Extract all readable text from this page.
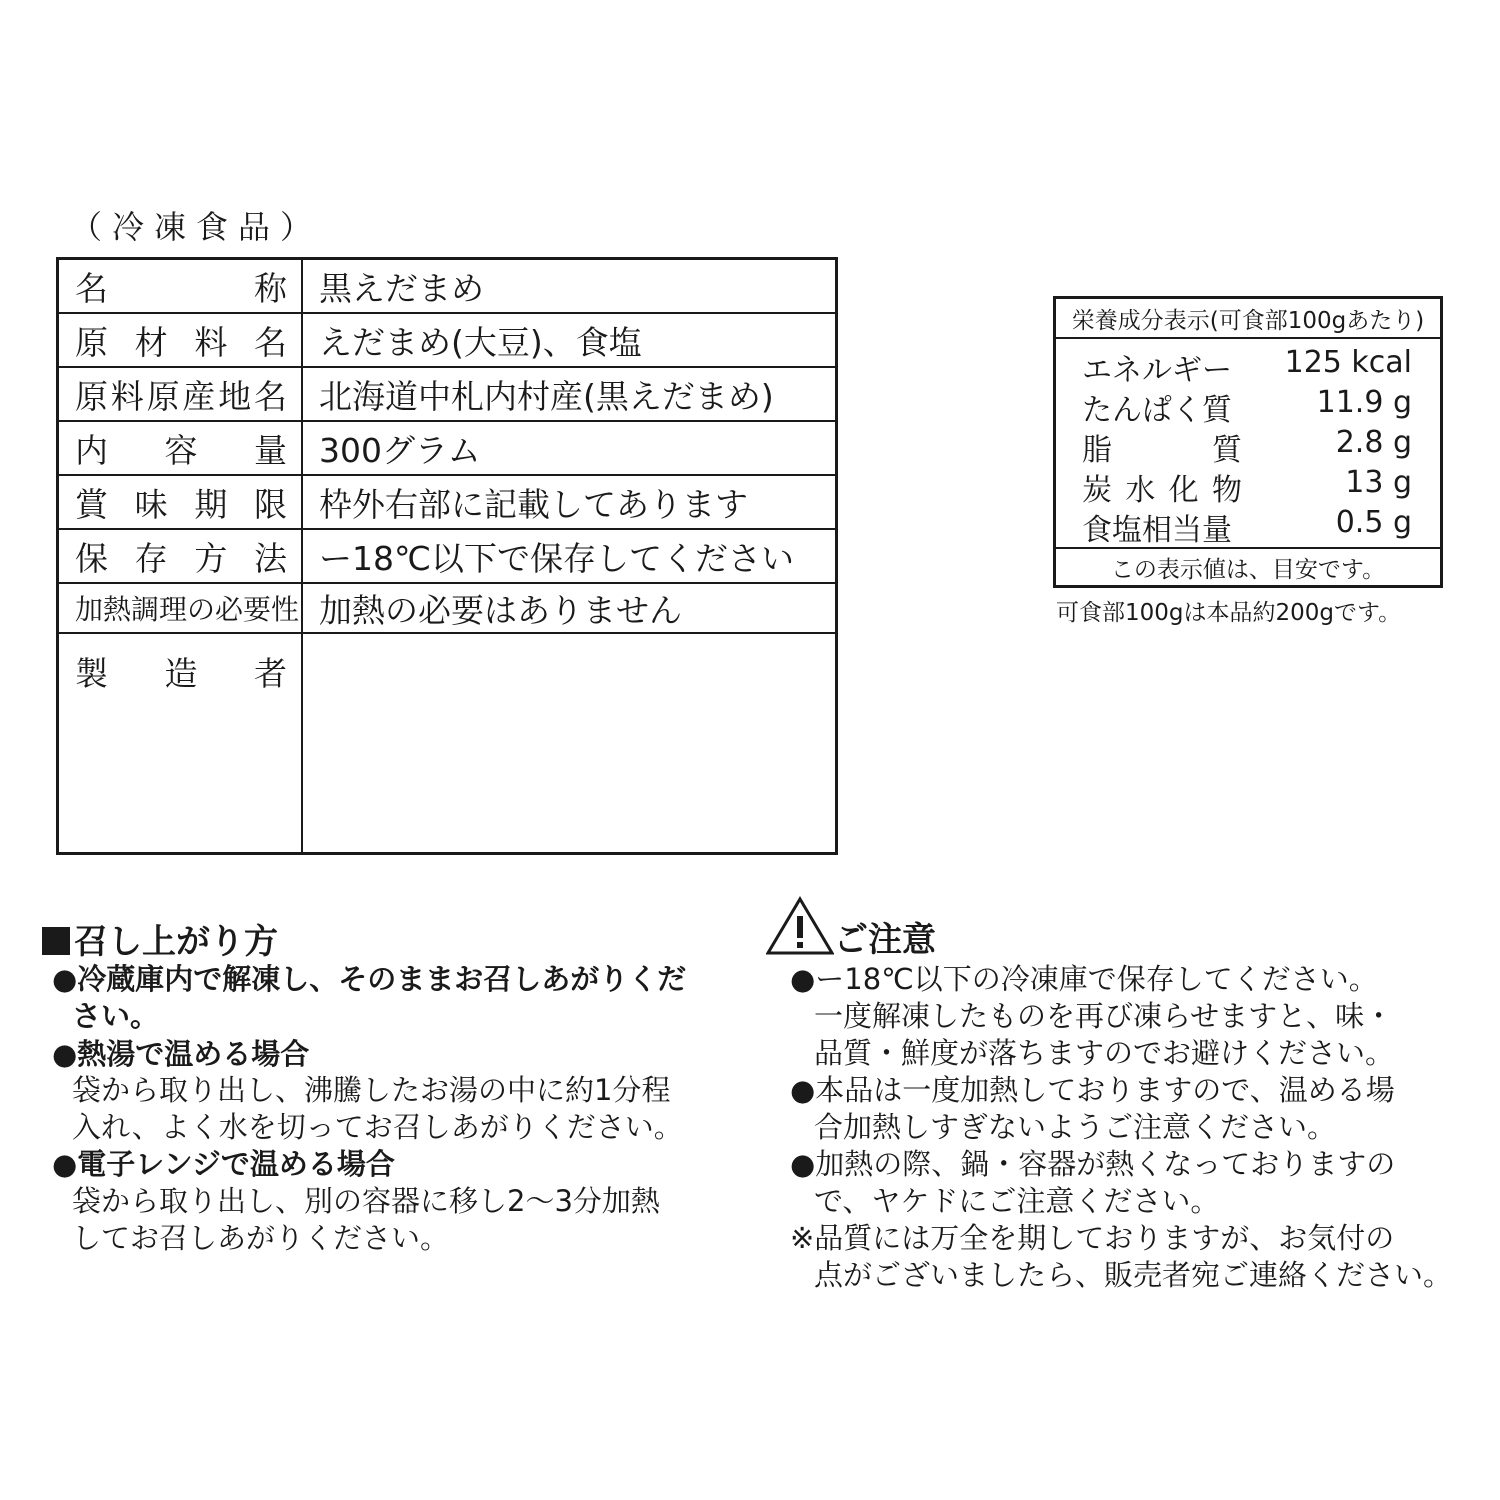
（冷凍食品）
名	称 黒えだまめ
原 材 料 名 えだまめ(大豆)、食塩
原 料 原 産 地 名 北海道中札内村産(黒えだまめ)
内 容 量 300グラム
賞 味 期 限 枠外右部に記載してあります
保 存 方 法 ー18℃以下で保存してください
加熱調理の必要性 加熱の必要はありません
製 造 者
栄養成分表示(可食部100gあたり)
エネルギー	125 kcal
たんぱく質	11.9 g
脂	質	2.8 g
炭 水 化 物	13 g
食塩相当量	0.5 g
この表示値は、目安です。
可食部100gは本品約200gです。
召し上がり方
●冷蔵庫内で解凍し、そのままお召しあがりくだ
さい。
●熱湯で温める場合
袋から取り出し、沸騰したお湯の中に約1分程
入れ、よく水を切ってお召しあがりください。
●電子レンジで温める場合
袋から取り出し、別の容器に移し2〜3分加熱
してお召しあがりください。
ご注意
●ー18℃以下の冷凍庫で保存してください。
一度解凍したものを再び凍らせますと、味・
品質・鮮度が落ちますのでお避けください。
●本品は一度加熱しておりますので、温める場
合加熱しすぎないようご注意ください。
●加熱の際、鍋・容器が熱くなっておりますの
で、ヤケドにご注意ください。
※品質には万全を期しておりますが、お気付の
点がございましたら、販売者宛ご連絡ください。
